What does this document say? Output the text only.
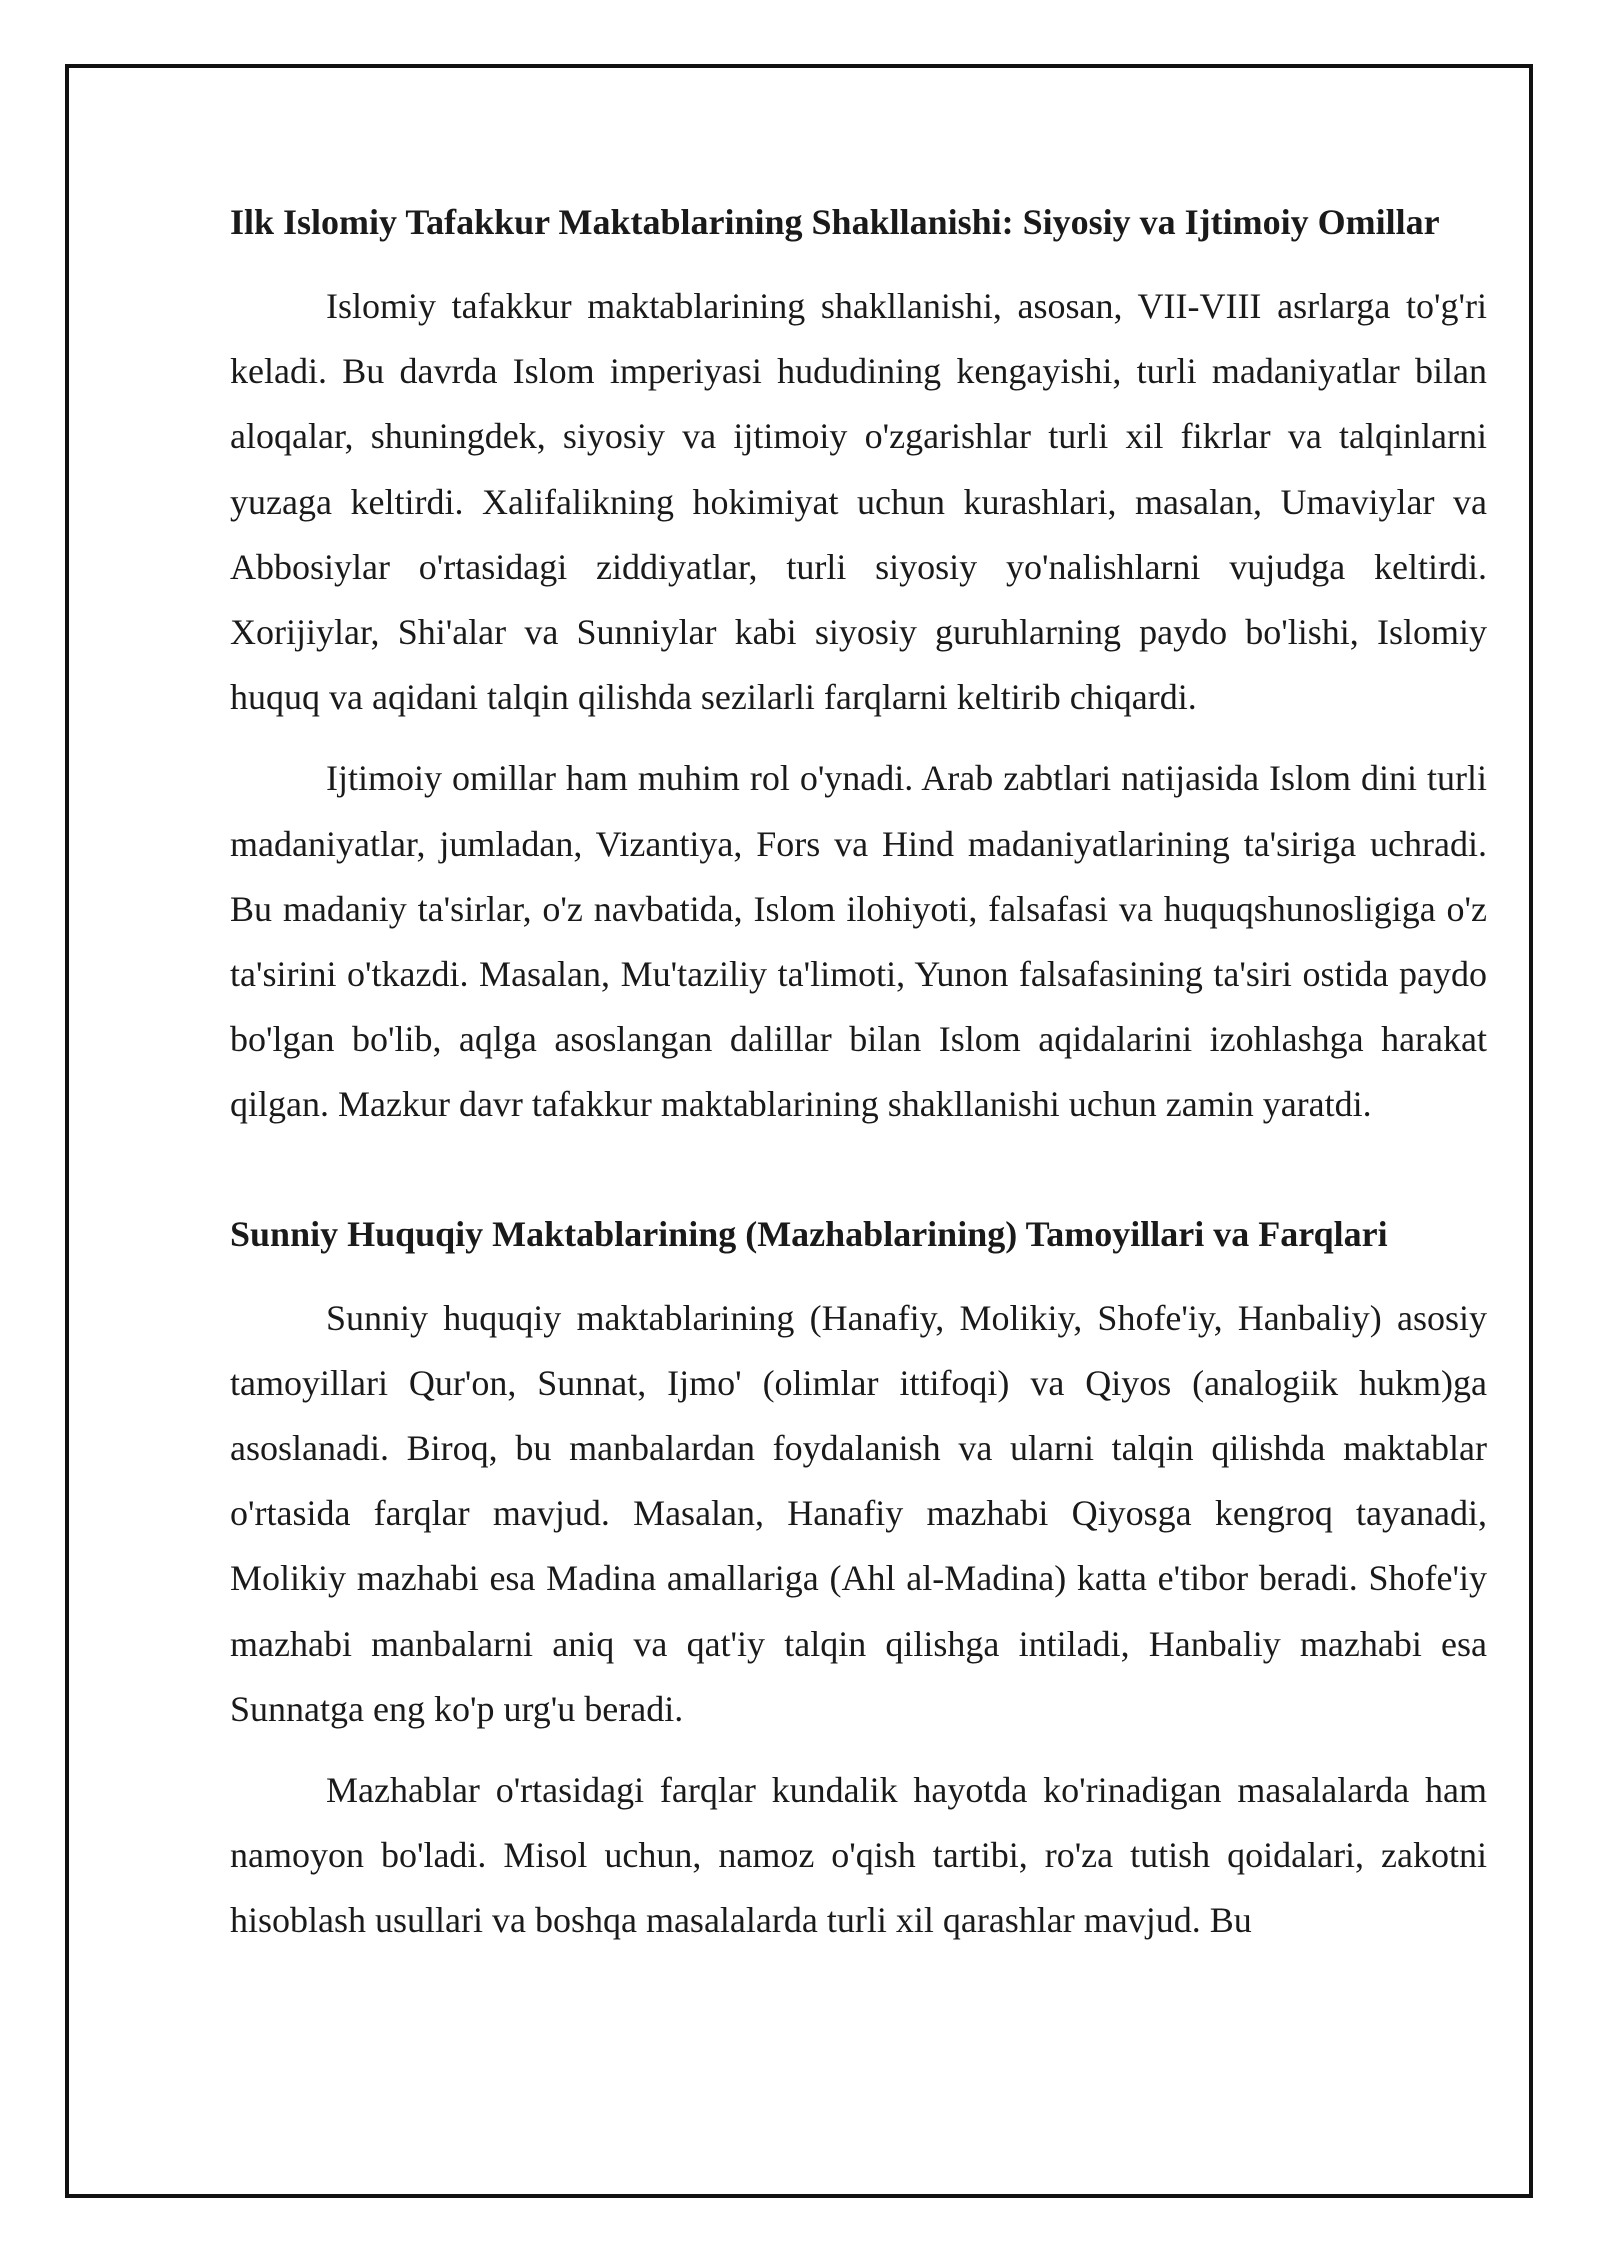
Ilk Islomiy Tafakkur Maktablarining Shakllanishi: Siyosiy va Ijtimoiy Omillar

Islomiy tafakkur maktablarining shakllanishi, asosan, VII-VIII asrlarga to'g'ri keladi. Bu davrda Islom imperiyasi hududining kengayishi, turli madaniyatlar bilan aloqalar, shuningdek, siyosiy va ijtimoiy o'zgarishlar turli xil fikrlar va talqinlarni yuzaga keltirdi. Xalifalikning hokimiyat uchun kurashlari, masalan, Umaviylar va Abbosiylar o'rtasidagi ziddiyatlar, turli siyosiy yo'nalishlarni vujudga keltirdi. Xorijiylar, Shi'alar va Sunniylar kabi siyosiy guruhlarning paydo bo'lishi, Islomiy huquq va aqidani talqin qilishda sezilarli farqlarni keltirib chiqardi.

Ijtimoiy omillar ham muhim rol o'ynadi. Arab zabtlari natijasida Islom dini turli madaniyatlar, jumladan, Vizantiya, Fors va Hind madaniyatlarining ta'siriga uchradi. Bu madaniy ta'sirlar, o'z navbatida, Islom ilohiyoti, falsafasi va huquqshunosligiga o'z ta'sirini o'tkazdi. Masalan, Mu'taziliy ta'limoti, Yunon falsafasining ta'siri ostida paydo bo'lgan bo'lib, aqlga asoslangan dalillar bilan Islom aqidalarini izohlashga harakat qilgan. Mazkur davr tafakkur maktablarining shakllanishi uchun zamin yaratdi.

Sunniy Huquqiy Maktablarining (Mazhablarining) Tamoyillari va Farqlari

Sunniy huquqiy maktablarining (Hanafiy, Molikiy, Shofe'iy, Hanbaliy) asosiy tamoyillari Qur'on, Sunnat, Ijmo' (olimlar ittifoqi) va Qiyos (analogiik hukm)ga asoslanadi. Biroq, bu manbalardan foydalanish va ularni talqin qilishda maktablar o'rtasida farqlar mavjud. Masalan, Hanafiy mazhabi Qiyosga kengroq tayanadi, Molikiy mazhabi esa Madina amallariga (Ahl al-Madina) katta e'tibor beradi. Shofe'iy mazhabi manbalarni aniq va qat'iy talqin qilishga intiladi, Hanbaliy mazhabi esa Sunnatga eng ko'p urg'u beradi.

Mazhablar o'rtasidagi farqlar kundalik hayotda ko'rinadigan masalalarda ham namoyon bo'ladi. Misol uchun, namoz o'qish tartibi, ro'za tutish qoidalari, zakotni hisoblash usullari va boshqa masalalarda turli xil qarashlar mavjud. Bu
